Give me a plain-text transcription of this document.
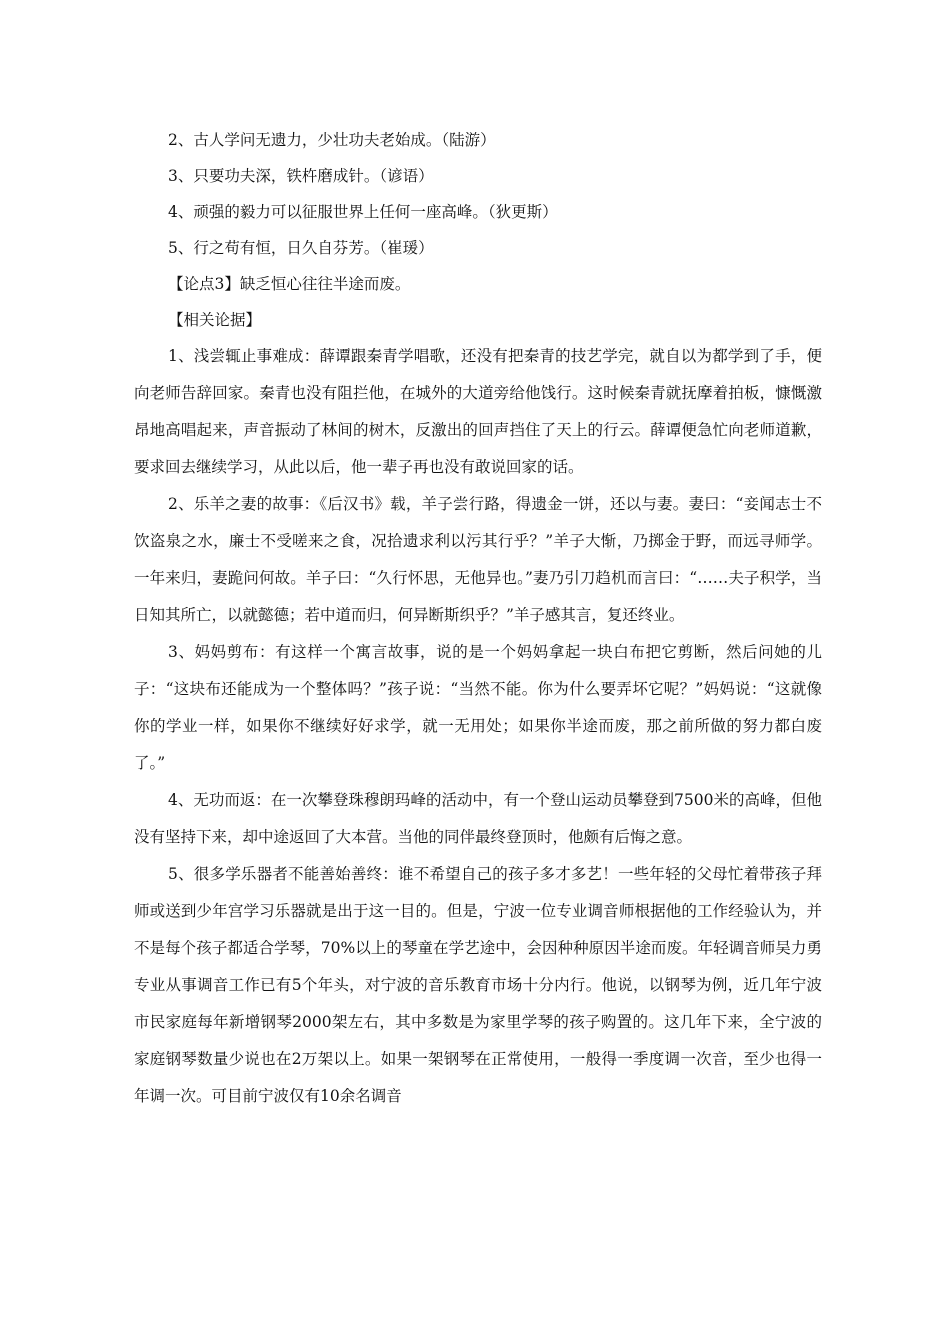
2、古人学问无遗力，少壮功夫老始成。（陆游）
3、只要功夫深，铁杵磨成针。（谚语）
4、顽强的毅力可以征服世界上任何一座高峰。（狄更斯）
5、行之苟有恒，日久自芬芳。（崔瑗）
【论点3】缺乏恒心往往半途而废。
【相关论据】

1、浅尝辄止事难成：薛谭跟秦青学唱歌，还没有把秦青的技艺学完，就自以为都学到了手，便向老师告辞回家。秦青也没有阻拦他，在城外的大道旁给他饯行。这时候秦青就抚摩着拍板，慷慨激昂地高唱起来，声音振动了林间的树木，反激出的回声挡住了天上的行云。薛谭便急忙向老师道歉，要求回去继续学习，从此以后，他一辈子再也没有敢说回家的话。

2、乐羊之妻的故事：《后汉书》载，羊子尝行路，得遗金一饼，还以与妻。妻曰：“妾闻志士不饮盗泉之水，廉士不受嗟来之食，况拾遗求利以污其行乎？”羊子大惭，乃掷金于野，而远寻师学。一年来归，妻跪问何故。羊子曰：“久行怀思，无他异也。”妻乃引刀趋机而言曰：“……夫子积学，当日知其所亡，以就懿德；若中道而归，何异断斯织乎？”羊子感其言，复还终业。

3、妈妈剪布：有这样一个寓言故事，说的是一个妈妈拿起一块白布把它剪断，然后问她的儿子：“这块布还能成为一个整体吗？”孩子说：“当然不能。你为什么要弄坏它呢？”妈妈说：“这就像你的学业一样，如果你不继续好好求学，就一无用处；如果你半途而废，那之前所做的努力都白废了。”

4、无功而返：在一次攀登珠穆朗玛峰的活动中，有一个登山运动员攀登到7500米的高峰，但他没有坚持下来，却中途返回了大本营。当他的同伴最终登顶时，他颇有后悔之意。

5、很多学乐器者不能善始善终：谁不希望自己的孩子多才多艺！一些年轻的父母忙着带孩子拜师或送到少年宫学习乐器就是出于这一目的。但是，宁波一位专业调音师根据他的工作经验认为，并不是每个孩子都适合学琴，70%以上的琴童在学艺途中，会因种种原因半途而废。年轻调音师吴力勇专业从事调音工作已有5个年头，对宁波的音乐教育市场十分内行。他说，以钢琴为例，近几年宁波市民家庭每年新增钢琴2000架左右，其中多数是为家里学琴的孩子购置的。这几年下来，全宁波的家庭钢琴数量少说也在2万架以上。如果一架钢琴在正常使用，一般得一季度调一次音，至少也得一年调一次。可目前宁波仅有10余名调音
